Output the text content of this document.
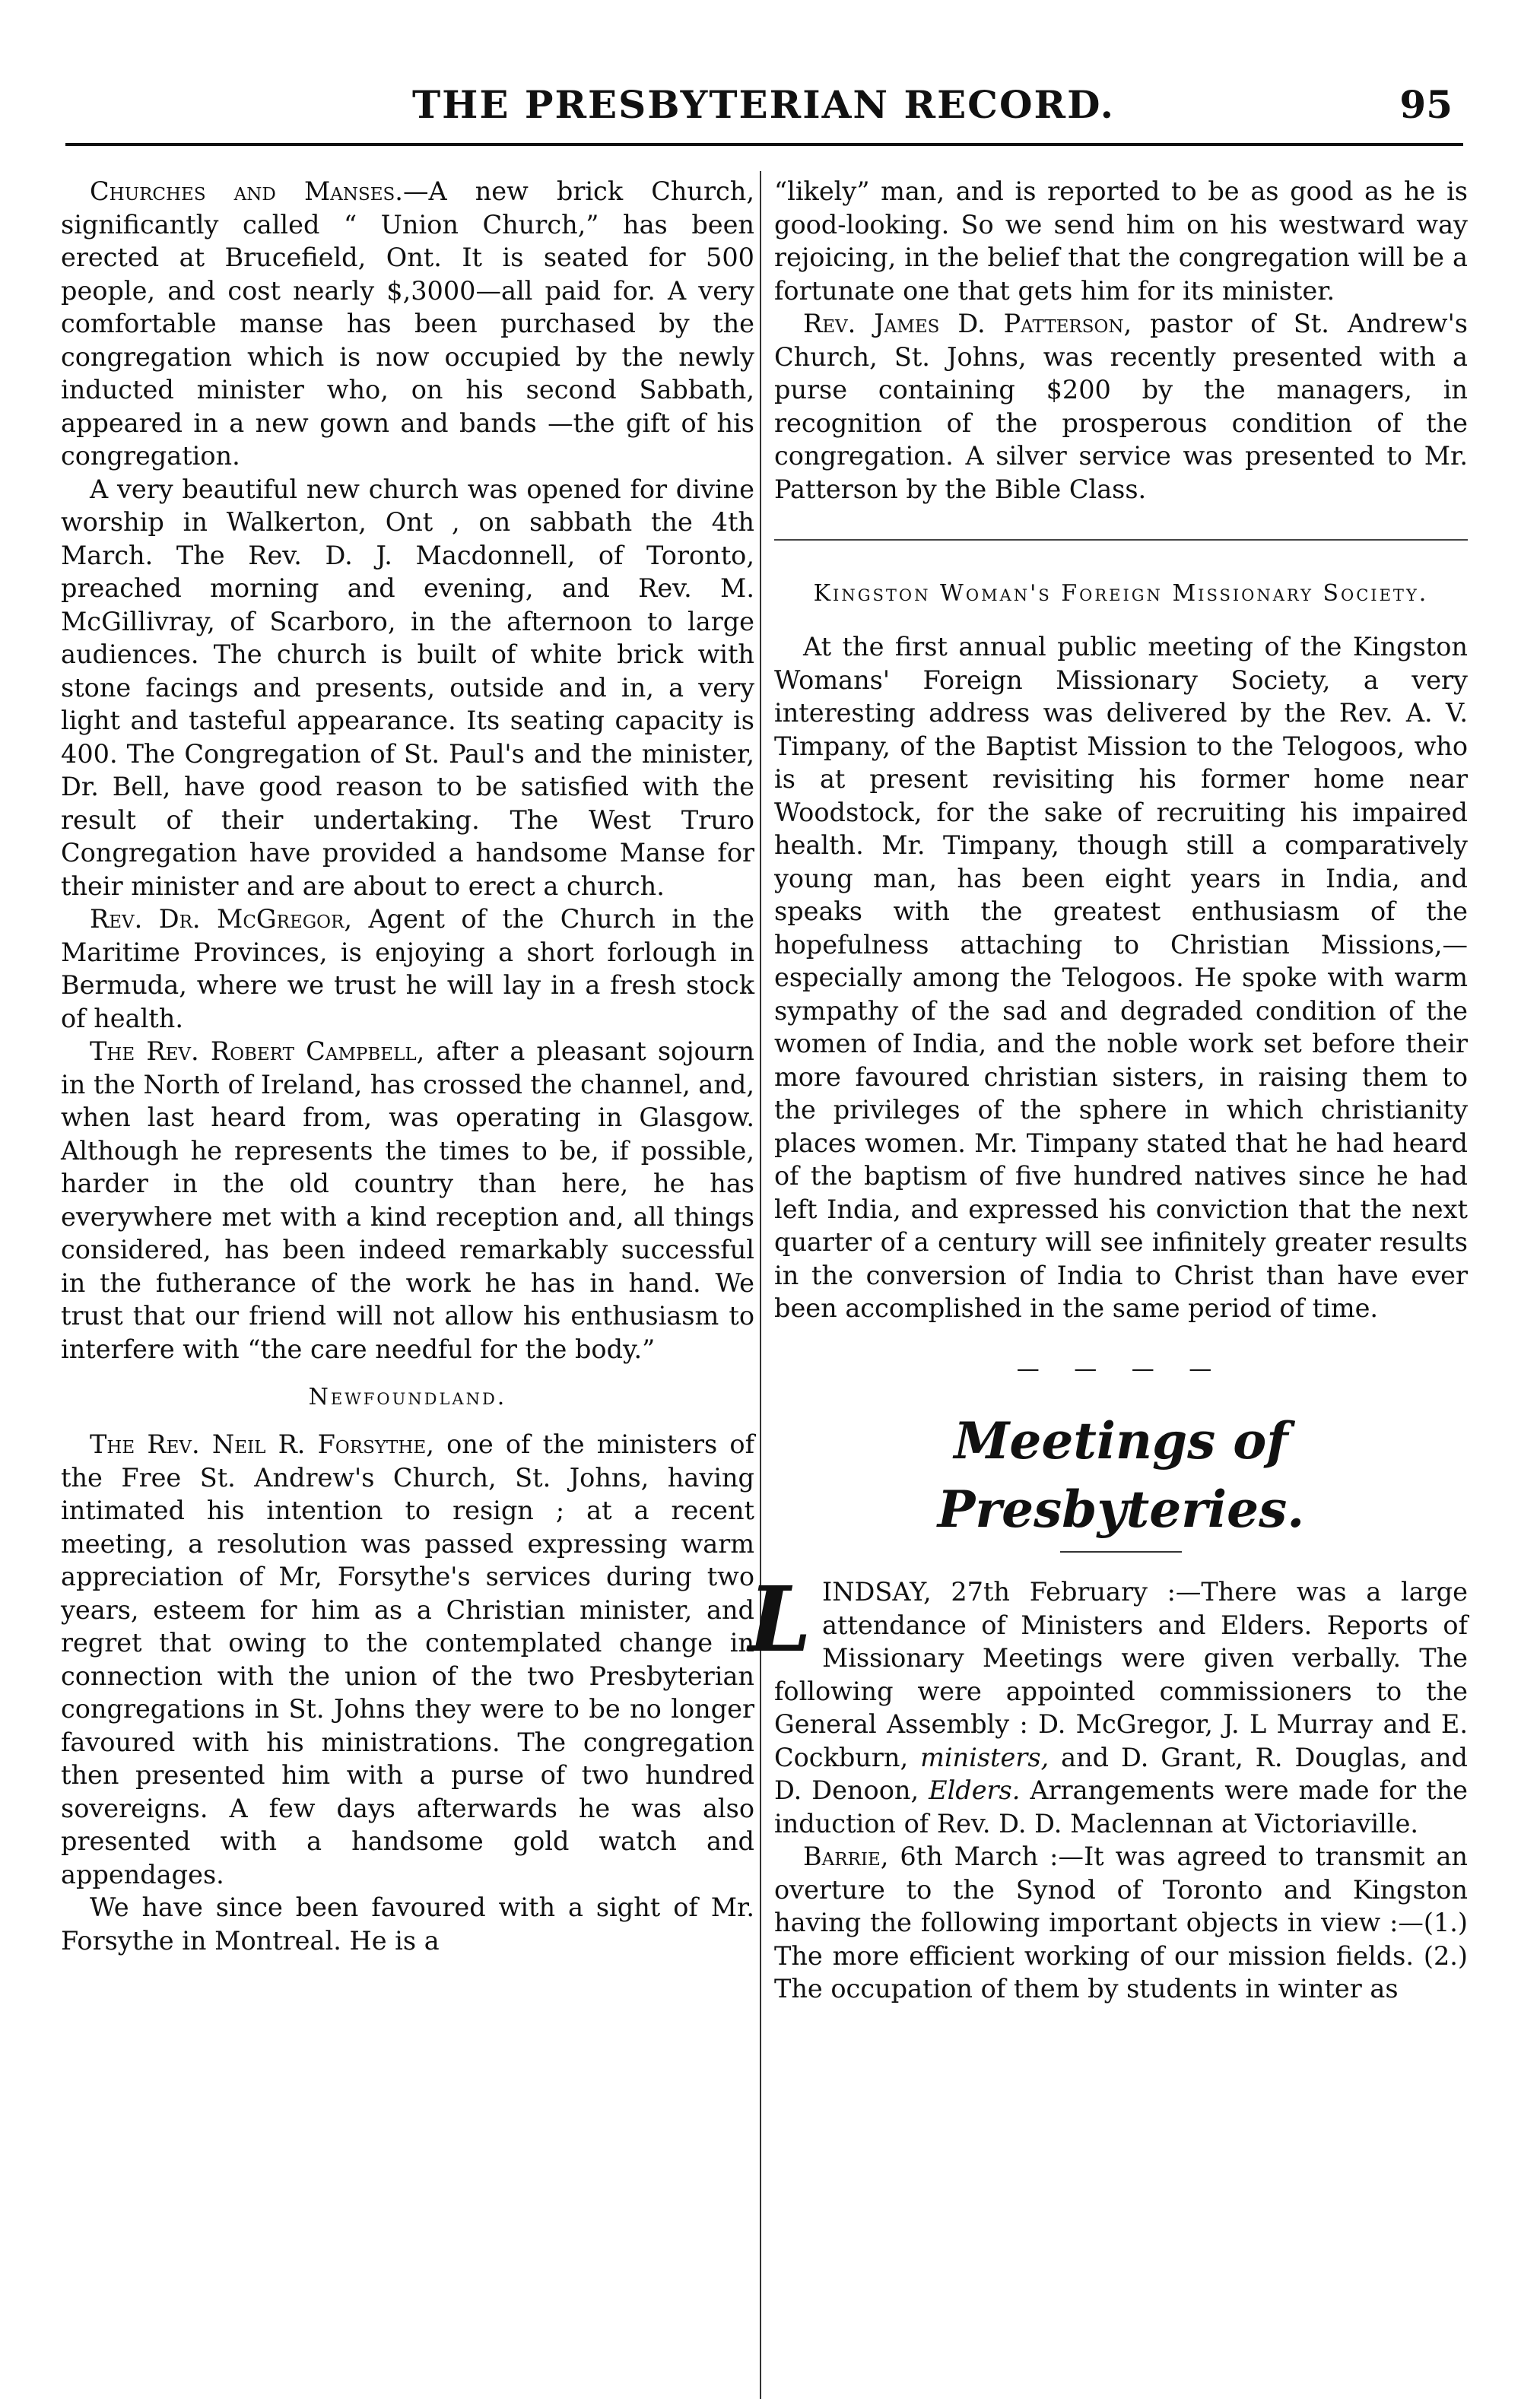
THE PRESBYTERIAN RECORD.	95

Churches and Manses.—A new brick Church, significantly called “ Union Church,” has been erected at Brucefield, Ont. It is seated for 500 people, and cost nearly $,3000—all paid for. A very comfortable manse has been purchased by the congregation which is now occupied by the newly inducted minister who, on his second Sabbath, appeared in a new gown and bands —the gift of his congregation.

A very beautiful new church was opened for divine worship in Walkerton, Ont , on sabbath the 4th March. The Rev. D. J. Macdonnell, of Toronto, preached morning and evening, and Rev. M. McGillivray, of Scarboro, in the afternoon to large audiences. The church is built of white brick with stone facings and presents, outside and in, a very light and tasteful appearance. Its seating capacity is 400. The Congregation of St. Paul's and the minister, Dr. Bell, have good reason to be satisfied with the result of their undertaking. The West Truro Congregation have provided a handsome Manse for their minister and are about to erect a church.

Rev. Dr. McGregor, Agent of the Church in the Maritime Provinces, is enjoying a short forlough in Bermuda, where we trust he will lay in a fresh stock of health.

The Rev. Robert Campbell, after a pleasant sojourn in the North of Ireland, has crossed the channel, and, when last heard from, was operating in Glasgow. Although he represents the times to be, if possible, harder in the old country than here, he has everywhere met with a kind reception and, all things considered, has been indeed remarkably successful in the futherance of the work he has in hand. We trust that our friend will not allow his enthusiasm to interfere with “the care needful for the body.”

Newfoundland.

The Rev. Neil R. Forsythe, one of the ministers of the Free St. Andrew's Church, St. Johns, having intimated his intention to resign ; at a recent meeting, a resolution was passed expressing warm appreciation of Mr, Forsythe's services during two years, esteem for him as a Christian minister, and regret that owing to the contemplated change in connection with the union of the two Presbyterian congregations in St. Johns they were to be no longer favoured with his ministrations. The congregation then presented him with a purse of two hundred sovereigns. A few days afterwards he was also presented with a handsome gold watch and appendages.

We have since been favoured with a sight of Mr. Forsythe in Montreal. He is a

“likely” man, and is reported to be as good as he is good-looking. So we send him on his westward way rejoicing, in the belief that the congregation will be a fortunate one that gets him for its minister.

Rev. James D. Patterson, pastor of St. Andrew's Church, St. Johns, was recently presented with a purse containing $200 by the managers, in recognition of the prosperous condition of the congregation. A silver service was presented to Mr. Patterson by the Bible Class.

Kingston Woman's Foreign Missionary Society.

At the first annual public meeting of the Kingston Womans' Foreign Missionary Society, a very interesting address was delivered by the Rev. A. V. Timpany, of the Baptist Mission to the Telogoos, who is at present revisiting his former home near Woodstock, for the sake of recruiting his impaired health. Mr. Timpany, though still a comparatively young man, has been eight years in India, and speaks with the greatest enthusiasm of the hopefulness attaching to Christian Missions,—especially among the Telogoos. He spoke with warm sympathy of the sad and degraded condition of the women of India, and the noble work set before their more favoured christian sisters, in raising them to the privileges of the sphere in which christianity places women. Mr. Timpany stated that he had heard of the baptism of five hundred natives since he had left India, and expressed his conviction that the next quarter of a century will see infinitely greater results in the conversion of India to Christ than have ever been accomplished in the same period of time.

— — — —
Meetings of Presbyteries.

LINDSAY, 27th February :—There was a large attendance of Ministers and Elders. Reports of Missionary Meetings were given verbally. The following were appointed commissioners to the General Assembly : D. McGregor, J. L Murray and E. Cockburn, ministers, and D. Grant, R. Douglas, and D. Denoon, Elders. Arrangements were made for the induction of Rev. D. D. Maclennan at Victoriaville.

Barrie, 6th March :—It was agreed to transmit an overture to the Synod of Toronto and Kingston having the following important objects in view :—(1.) The more efficient working of our mission fields. (2.) The occupation of them by students in winter as
